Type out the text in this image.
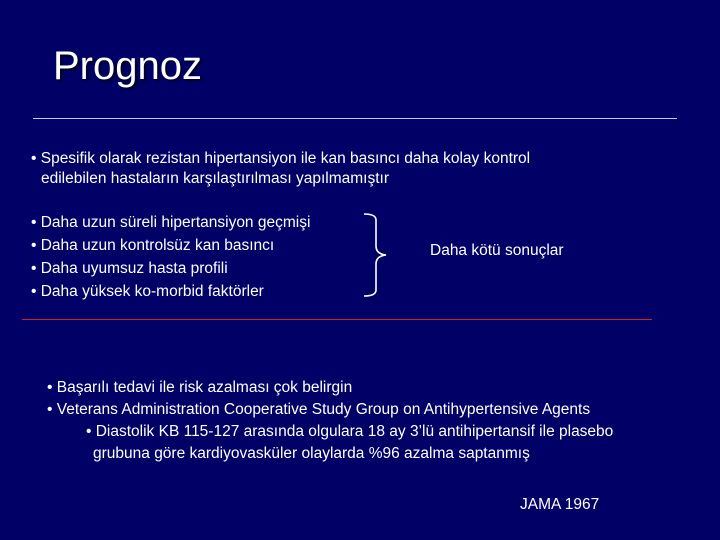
Prognoz
• Spesifik olarak rezistan hipertansiyon ile kan basıncı daha kolay kontrol
edilebilen hastaların karşılaştırılması yapılmamıştır
• Daha uzun süreli hipertansiyon geçmişi
• Daha uzun kontrolsüz kan basıncı
• Daha uyumsuz hasta profili
• Daha yüksek ko-morbid faktörler
Daha kötü sonuçlar
• Başarılı tedavi ile risk azalması çok belirgin
• Veterans Administration Cooperative Study Group on Antihypertensive Agents
• Diastolik KB 115-127 arasında olgulara 18 ay 3’lü antihipertansif ile plasebo
grubuna göre kardiyovasküler olaylarda %96 azalma saptanmış
JAMA 1967
